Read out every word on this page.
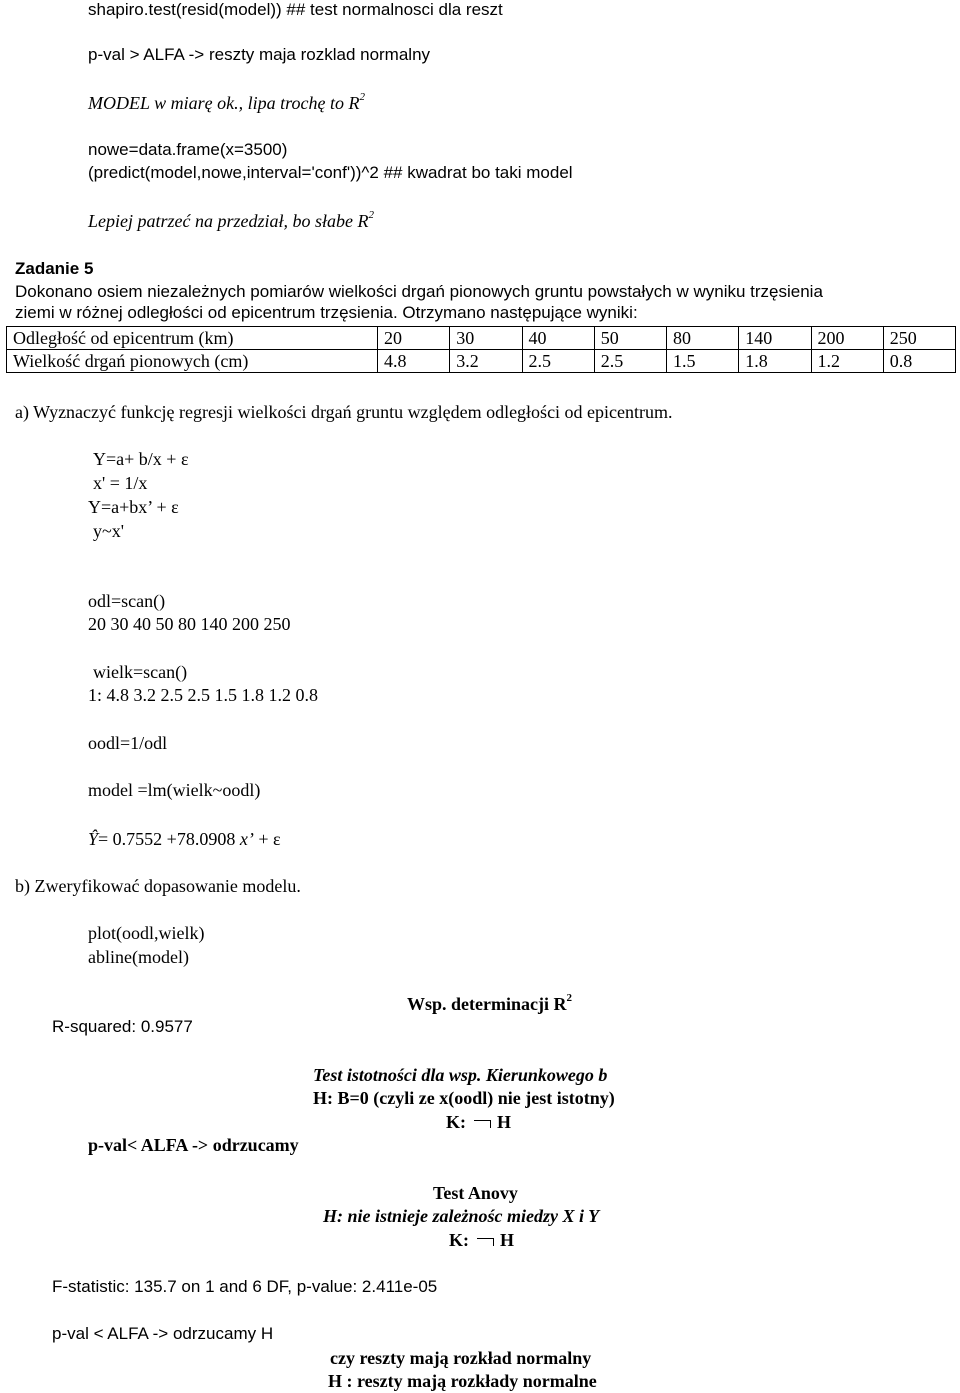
shapiro.test(resid(model)) ## test normalnosci dla reszt
p-val > ALFA -> reszty maja rozklad normalny
MODEL w miarę ok., lipa trochę to $R^2$
nowe=data.frame(x=3500)
(predict(model,nowe,interval='conf'))^2 ## kwadrat bo taki model
Lepiej patrzeć na przedział, bo słabe $R^2$
Zadanie 5
Dokonano osiem niezależnych pomiarów wielkości drgań pionowych gruntu powstałych w wyniku trzęsienia
ziemi w różnej odległości od epicentrum trzęsienia. Otrzymano następujące wyniki:
Odległość od epicentrum (km)	20	30	40	50	80	140	200	250
Wielkość drgań pionowych (cm)	4.8	3.2	2.5	2.5	1.5	1.8	1.2	0.8
a) Wyznaczyć funkcję regresji wielkości drgań gruntu względem odległości od epicentrum.
Y=a+ b/x + ε
x' = 1/x
Y=a+bx’ + ε
y~x'
odl=scan()
20 30 40 50 80 140 200 250
wielk=scan()
1: 4.8 3.2 2.5 2.5 1.5 1.8 1.2 0.8
oodl=1/odl
model =lm(wielk~oodl)
Ŷ= 0.7552 +78.0908 x’ + ε
b) Zweryfikować dopasowanie modelu.
plot(oodl,wielk)
abline(model)
Wsp. determinacji $R^2$
R-squared: 0.9577
Test istotności dla wsp. Kierunkowego b
H: B=0 (czyli ze x(oodl) nie jest istotny)
K: H
p-val< ALFA -> odrzucamy
Test Anovy
H: nie istnieje zależnośc miedzy X i Y
K: H
F-statistic: 135.7 on 1 and 6 DF, p-value: 2.411e-05
p-val < ALFA -> odrzucamy H
czy reszty mają rozkład normalny
H : reszty mają rozkłady normalne
